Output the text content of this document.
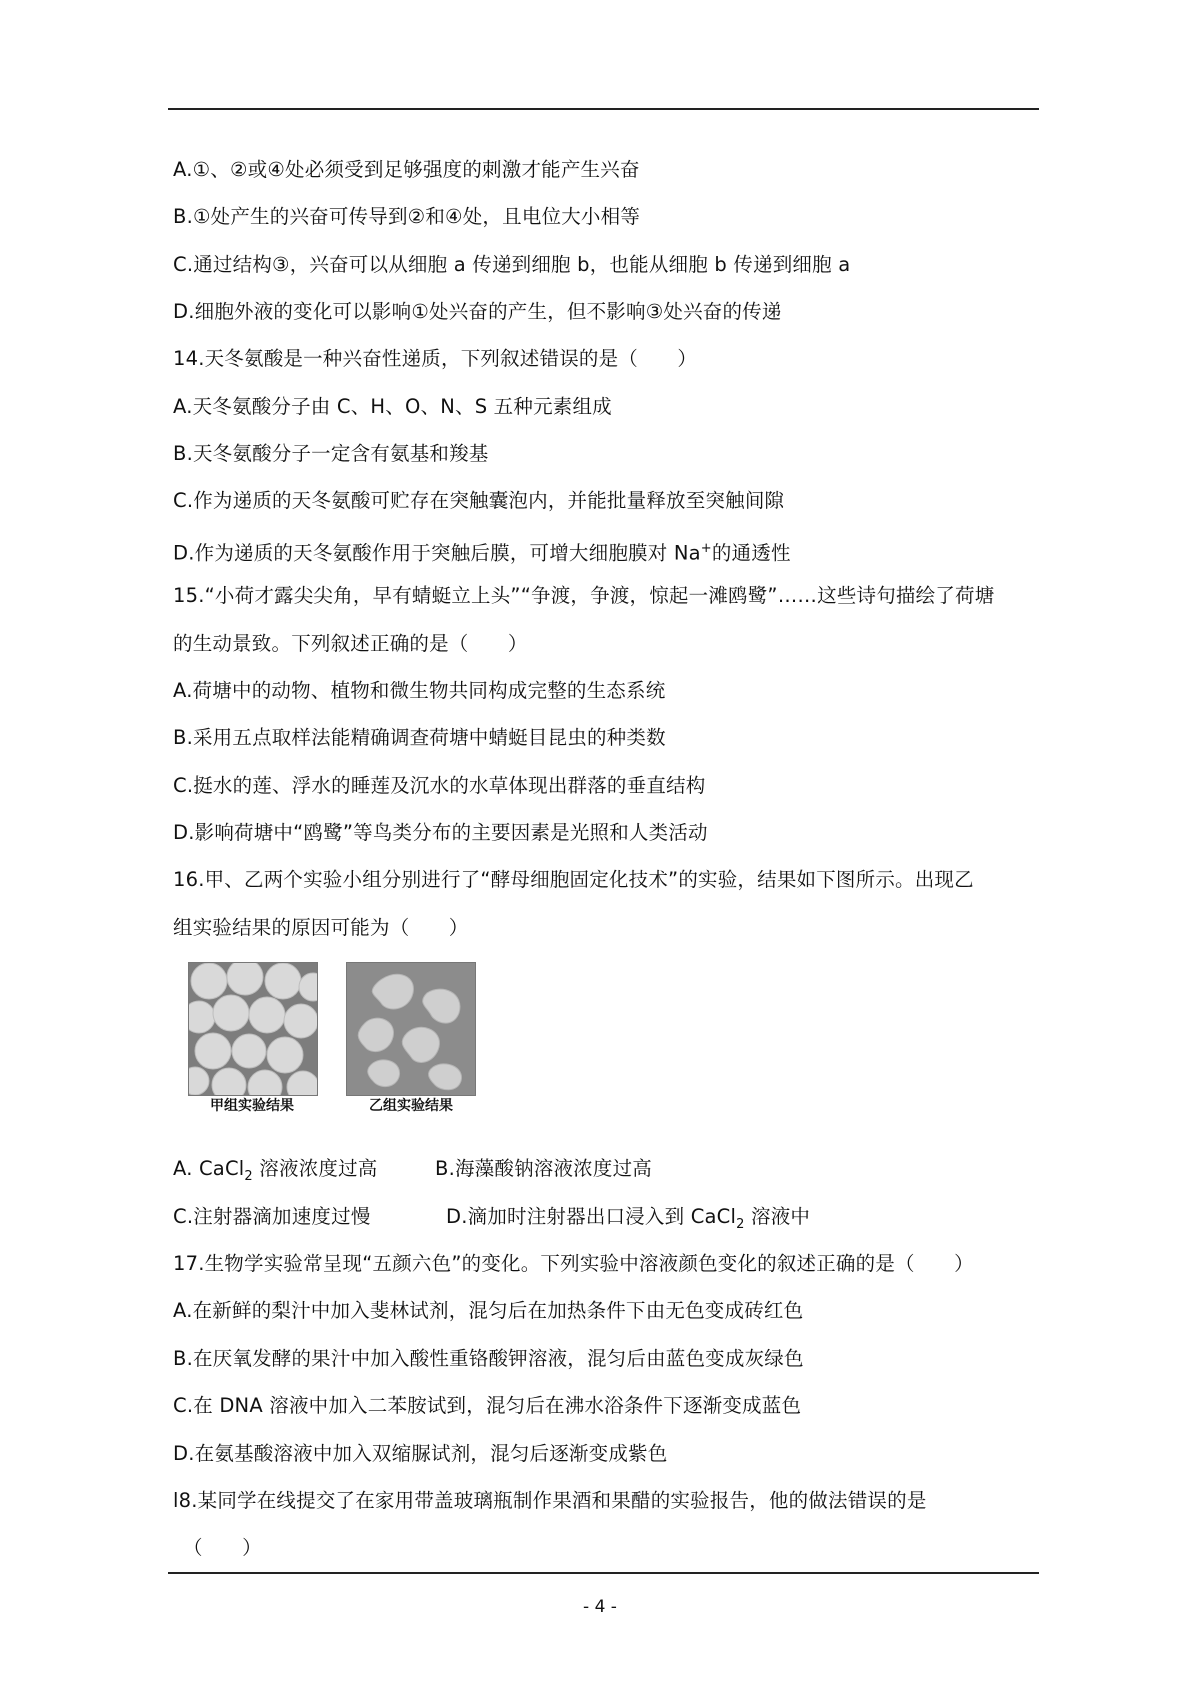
A.①、②或④处必须受到足够强度的刺激才能产生兴奋
B.①处产生的兴奋可传导到②和④处，且电位大小相等
C.通过结构③，兴奋可以从细胞 a 传递到细胞 b，也能从细胞 b 传递到细胞 a
D.细胞外液的变化可以影响①处兴奋的产生，但不影响③处兴奋的传递
14.天冬氨酸是一种兴奋性递质，下列叙述错误的是（　　）
A.天冬氨酸分子由 C、H、O、N、S 五种元素组成
B.天冬氨酸分子一定含有氨基和羧基
C.作为递质的天冬氨酸可贮存在突触囊泡内，并能批量释放至突触间隙
D.作为递质的天冬氨酸作用于突触后膜，可增大细胞膜对 Na+的通透性
15.“小荷才露尖尖角，早有蜻蜓立上头”“争渡，争渡，惊起一滩鸥鹭”……这些诗句描绘了荷塘
的生动景致。下列叙述正确的是（　　）
A.荷塘中的动物、植物和微生物共同构成完整的生态系统
B.采用五点取样法能精确调查荷塘中蜻蜓目昆虫的种类数
C.挺水的莲、浮水的睡莲及沉水的水草体现出群落的垂直结构
D.影响荷塘中“鸥鹭”等鸟类分布的主要因素是光照和人类活动
16.甲、乙两个实验小组分别进行了“酵母细胞固定化技术”的实验，结果如下图所示。出现乙
组实验结果的原因可能为（　　）
甲组实验结果	乙组实验结果
A. CaCl$_2$ 溶液浓度过高	B.海藻酸钠溶液浓度过高
C.注射器滴加速度过慢	D.滴加时注射器出口浸入到 CaCl$_2$ 溶液中
17.生物学实验常呈现“五颜六色”的变化。下列实验中溶液颜色变化的叙述正确的是（　　）
A.在新鲜的梨汁中加入斐林试剂，混匀后在加热条件下由无色变成砖红色
B.在厌氧发酵的果汁中加入酸性重铬酸钾溶液，混匀后由蓝色变成灰绿色
C.在 DNA 溶液中加入二苯胺试到，混匀后在沸水浴条件下逐渐变成蓝色
D.在氨基酸溶液中加入双缩脲试剂，混匀后逐渐变成紫色
l8.某同学在线提交了在家用带盖玻璃瓶制作果酒和果醋的实验报告，他的做法错误的是
（　　）
- 4 -
